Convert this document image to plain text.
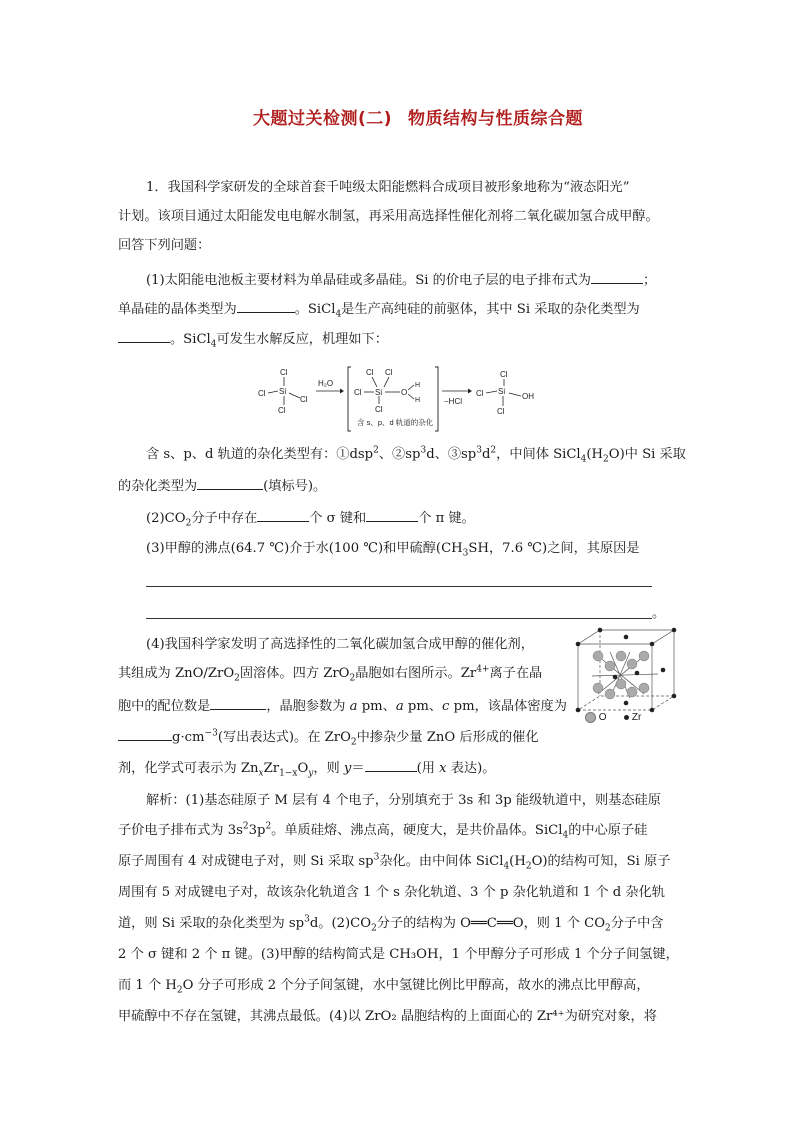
大题过关检测(二) 物质结构与性质综合题
1．我国科学家研发的全球首套千吨级太阳能燃料合成项目被形象地称为“液态阳光”
计划。该项目通过太阳能发电电解水制氢，再采用高选择性催化剂将二氧化碳加氢合成甲醇。
回答下列问题：
(1)太阳能电池板主要材料为单晶硅或多晶硅。Si 的价电子层的电子排布式为	；
单晶硅的晶体类型为	。SiCl$_4$是生产高纯硅的前驱体，其中 Si 采取的杂化类型为
。SiCl$_4$可发生水解反应，机理如下：
Cl
Si
Cl
Cl
Cl
H₂O
Cl Cl
Cl Si O
H
H
Cl
含 s、p、d 轨道的杂化
−HCl
Cl
Cl Si
OH
Cl
含 s、p、d 轨道的杂化类型有：①dsp$^2$、$②sp^3d$、$③sp^3d^2$，中间体 $SiCl_4(H_2O)$中 Si 采取
的杂化类型为	(填标号)。
$(2)CO_2$分子中存在	个 σ 键和	个 π 键。
(3)甲醇的沸点(64.7 ℃)介于水(100 ℃)和甲硫醇($CH_3SH$，7.6 ℃)之间，其原因是
。
(4)我国科学家发明了高选择性的二氧化碳加氢合成甲醇的催化剂，
其组成为 ZnO/ZrO$_2$固溶体。四方 ZrO$_2$晶胞如右图所示。$Zr^{4+}$离子在晶
胞中的配位数是	，晶胞参数为 a pm、a pm、c pm，该晶体密度为
$g\cdot cm^{-3}$(写出表达式)。在 ZrO$_2$中掺杂少量 ZnO 后形成的催化
剂，化学式可表示为 $Zn_xZr_{1-x}O_y$，则 y＝	(用 x 表达)。
O	Zr
解析：(1)基态硅原子 M 层有 4 个电子，分别填充于 3s 和 3p 能级轨道中，则基态硅原
子价电子排布式为 $3s^23p^2$。单质硅熔、沸点高，硬度大，是共价晶体。SiCl$_4$的中心原子硅
原子周围有 4 对成键电子对，则 Si 采取 $sp^3$杂化。由中间体 $SiCl_4(H_2O)$的结构可知，Si 原子
周围有 5 对成键电子对，故该杂化轨道含 1 个 s 杂化轨道、3 个 p 杂化轨道和 1 个 d 杂化轨
道，则 Si 采取的杂化类型为 $sp^3d$。$(2)CO_2$分子的结构为 O══C══O，则 1 个 $CO_2$分子中含
2 个 σ 键和 2 个 π 键。(3)甲醇的结构简式是 CH₃OH，1 个甲醇分子可形成 1 个分子间氢键，
而 1 个 $H_2O$ 分子可形成 2 个分子间氢键，水中氢键比例比甲醇高，故水的沸点比甲醇高，
甲硫醇中不存在氢键，其沸点最低。(4)以 ZrO₂ 晶胞结构的上面面心的 Zr⁴⁺为研究对象，将
